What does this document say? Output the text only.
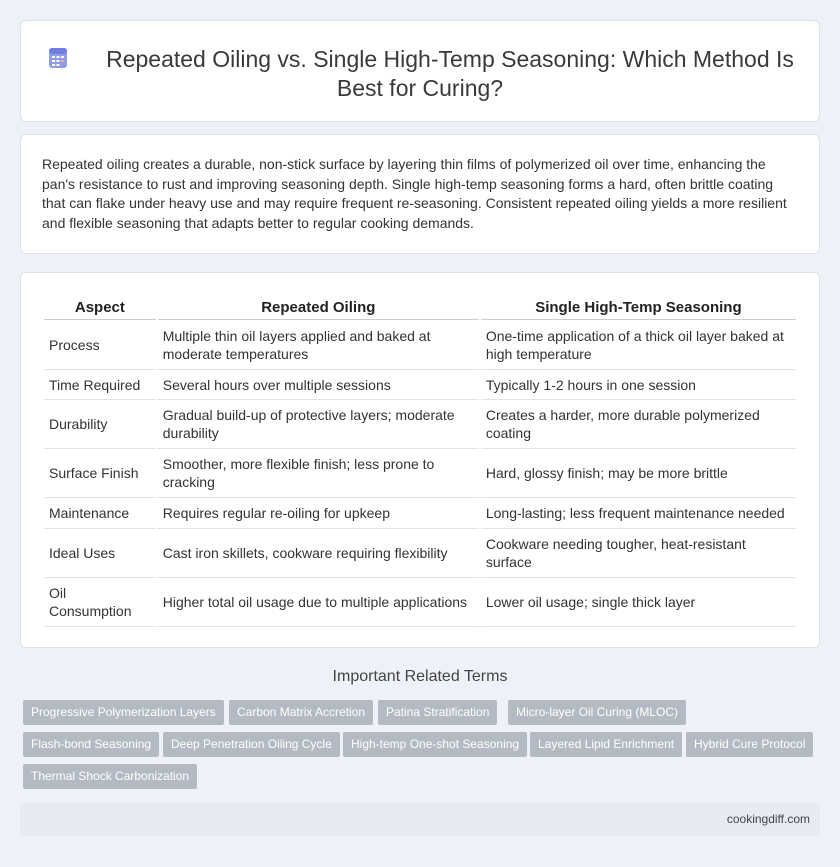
Repeated Oiling vs. Single High-Temp Seasoning: Which Method Is Best for Curing?

Repeated oiling creates a durable, non-stick surface by layering thin films of polymerized oil over time, enhancing the pan's resistance to rust and improving seasoning depth. Single high-temp seasoning forms a hard, often brittle coating that can flake under heavy use and may require frequent re-seasoning. Consistent repeated oiling yields a more resilient and flexible seasoning that adapts better to regular cooking demands.

Aspect	Repeated Oiling	Single High-Temp Seasoning
Process	Multiple thin oil layers applied and baked at moderate temperatures	One-time application of a thick oil layer baked at high temperature
Time Required	Several hours over multiple sessions	Typically 1-2 hours in one session
Durability	Gradual build-up of protective layers; moderate durability	Creates a harder, more durable polymerized coating
Surface Finish	Smoother, more flexible finish; less prone to cracking	Hard, glossy finish; may be more brittle
Maintenance	Requires regular re-oiling for upkeep	Long-lasting; less frequent maintenance needed
Ideal Uses	Cast iron skillets, cookware requiring flexibility	Cookware needing tougher, heat-resistant surface
Oil Consumption	Higher total oil usage due to multiple applications	Lower oil usage; single thick layer
Important Related Terms
Progressive Polymerization Layers	Carbon Matrix Accretion	Patina Stratification	Micro-layer Oil Curing (MLOC)
Flash-bond Seasoning	Deep Penetration Oiling Cycle	High-temp One-shot Seasoning	Layered Lipid Enrichment	Hybrid Cure Protocol
Thermal Shock Carbonization
cookingdiff.com
